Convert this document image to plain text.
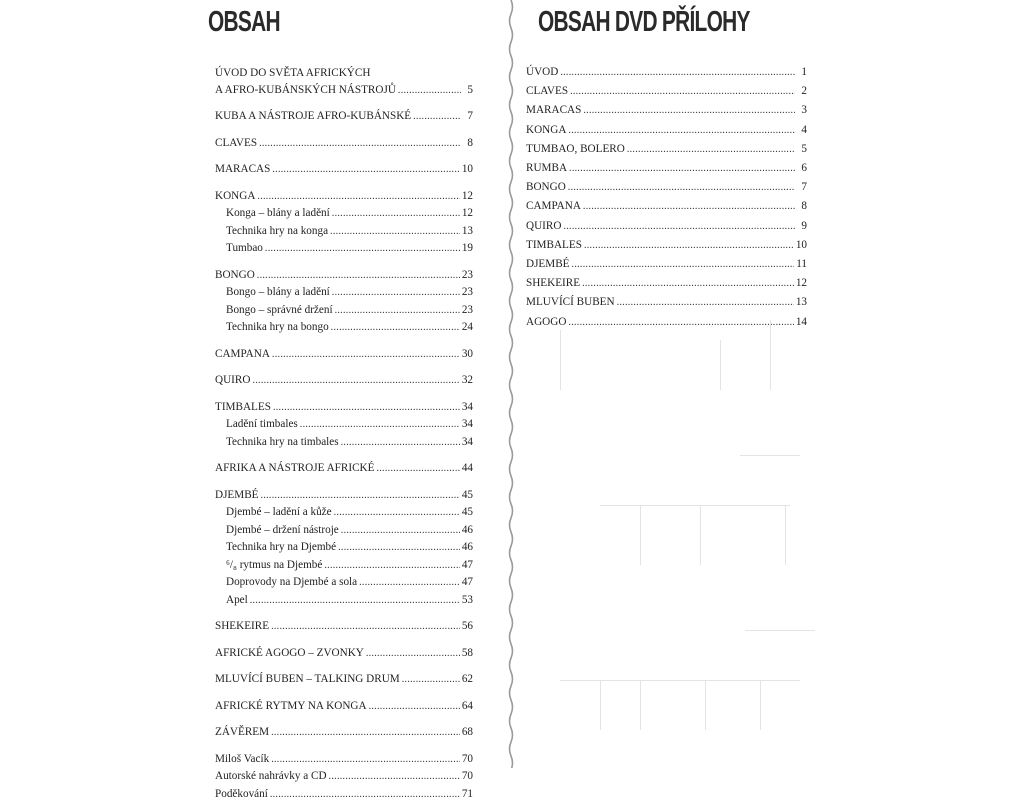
OBSAH
ÚVOD DO SVĚTA AFRICKÝCH
A AFRO-KUBÁNSKÝCH NÁSTROJŮ . . .	5
KUBA A NÁSTROJE AFRO-KUBÁNSKÉ . . .	7
CLAVES . . .	8
MARACAS . . .	10
KONGA . . .	12
Konga – blány a ladění . . .	12
Technika hry na konga . . .	13
Tumbao . . .	19
BONGO . . .	23
Bongo – blány a ladění . . .	23
Bongo – správné držení . . .	23
Technika hry na bongo . . .	24
CAMPANA . . .	30
QUIRO . . .	32
TIMBALES . . .	34
Ladění timbales . . .	34
Technika hry na timbales . . .	34
AFRIKA A NÁSTROJE AFRICKÉ . . .	44
DJEMBÉ . . .	45
Djembé – ladění a kůže . . .	45
Djembé – držení nástroje . . .	46
Technika hry na Djembé . . .	46
⁶/₈ rytmus na Djembé . . .	47
Doprovody na Djembé a sola . . .	47
Apel . . .	53
SHEKEIRE . . .	56
AFRICKÉ AGOGO – ZVONKY . . .	58
MLUVÍCÍ BUBEN – TALKING DRUM . . .	62
AFRICKÉ RYTMY NA KONGA . . .	64
ZÁVĚREM . . .	68
Miloš Vacík . . .	70
Autorské nahrávky a CD . . .	70
Poděkování . . .	71
OBSAH DVD PŘÍLOHY
ÚVOD . . .	1
CLAVES . . .	2
MARACAS . . .	3
KONGA . . .	4
TUMBAO, BOLERO . . .	5
RUMBA . . .	6
BONGO . . .	7
CAMPANA . . .	8
QUIRO . . .	9
TIMBALES . . .	10
DJEMBÉ . . .	11
SHEKEIRE . . .	12
MLUVÍCÍ BUBEN . . .	13
AGOGO . . .	14
